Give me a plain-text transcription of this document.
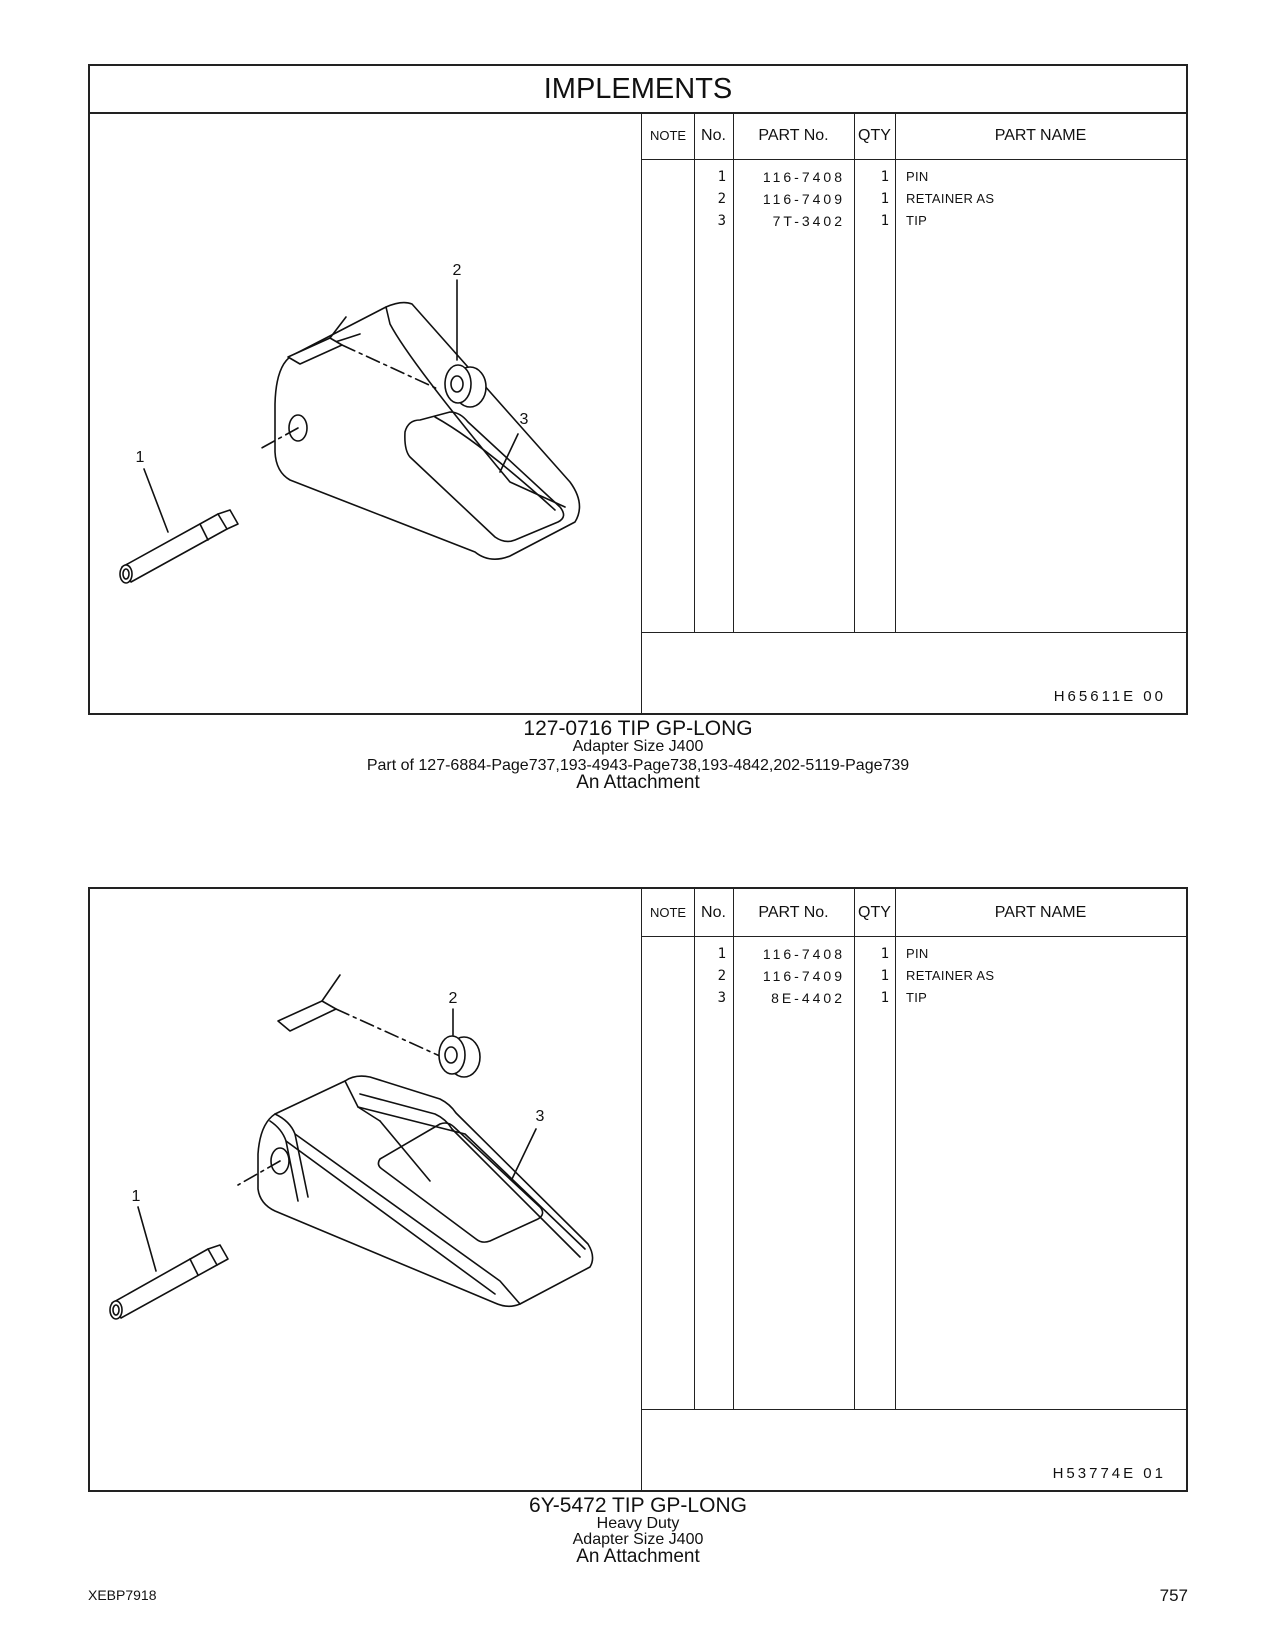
IMPLEMENTS
2
3
1
NOTE No.	PART No.	QTY	PART NAME
1	116-7408	1 PIN
2	116-7409	1 RETAINER AS
3	7T-3402	1 TIP
H65611E 00
127-0716 TIP GP-LONG
Adapter Size J400
Part of 127-6884-Page737,193-4943-Page738,193-4842,202-5119-Page739
An Attachment
2
3
1
NOTE No.	PART No.	QTY	PART NAME
1	116-7408	1 PIN
2	116-7409	1 RETAINER AS
3	8E-4402	1 TIP
H53774E 01
6Y-5472 TIP GP-LONG
Heavy Duty
Adapter Size J400
An Attachment
XEBP7918	757
